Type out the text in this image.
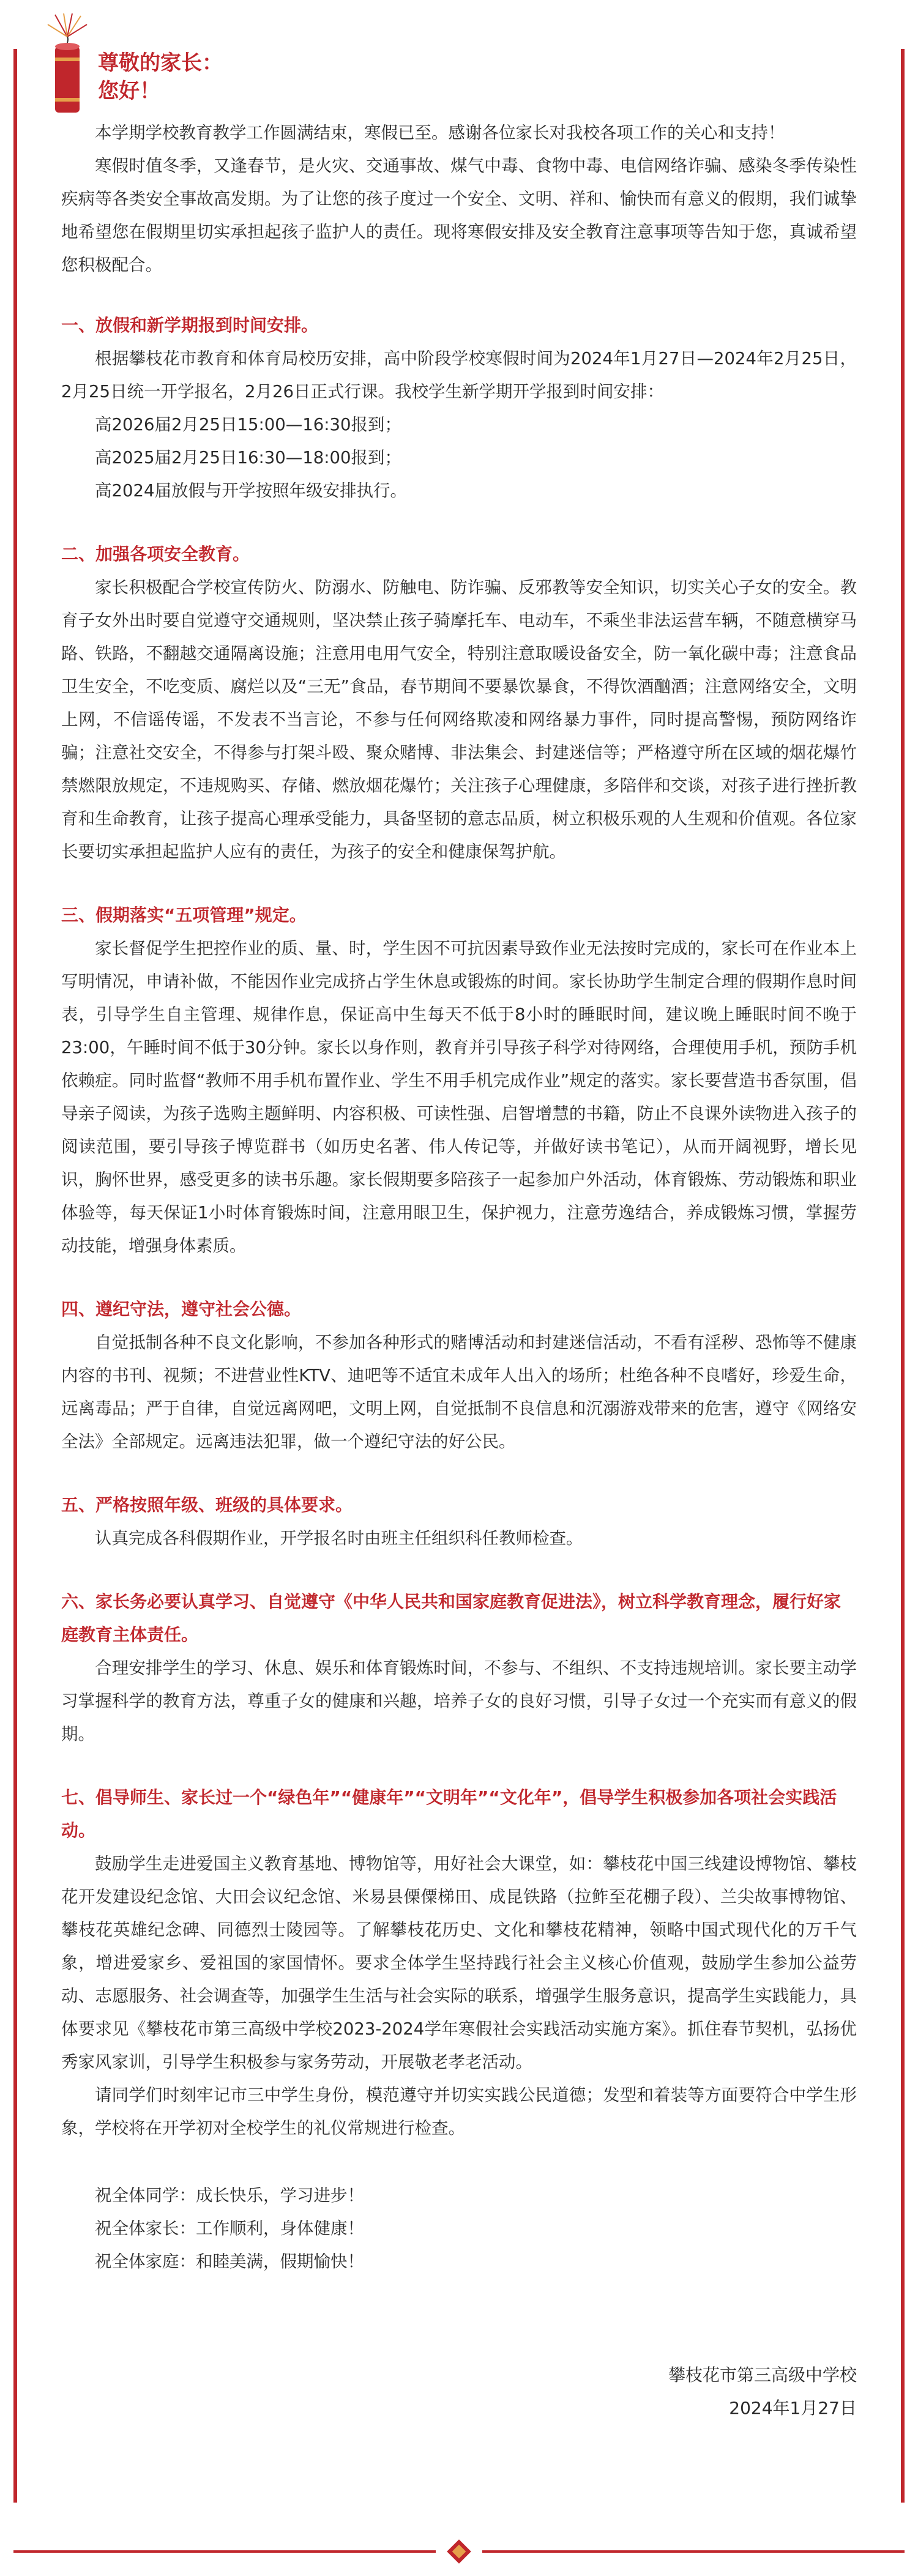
尊敬的家长：
您好！

本学期学校教育教学工作圆满结束，寒假已至。感谢各位家长对我校各项工作的关心和支持！

寒假时值冬季，又逢春节，是火灾、交通事故、煤气中毒、食物中毒、电信网络诈骗、感染冬季传染性疾病等各类安全事故高发期。为了让您的孩子度过一个安全、文明、祥和、愉快而有意义的假期，我们诚挚地希望您在假期里切实承担起孩子监护人的责任。现将寒假安排及安全教育注意事项等告知于您，真诚希望您积极配合。

一、放假和新学期报到时间安排。

根据攀枝花市教育和体育局校历安排，高中阶段学校寒假时间为2024年1月27日—2024年2月25日，2月25日统一开学报名，2月26日正式行课。我校学生新学期开学报到时间安排：

高2026届2月25日15:00—16:30报到；
高2025届2月25日16:30—18:00报到；
高2024届放假与开学按照年级安排执行。
二、加强各项安全教育。

家长积极配合学校宣传防火、防溺水、防触电、防诈骗、反邪教等安全知识，切实关心子女的安全。教育子女外出时要自觉遵守交通规则，坚决禁止孩子骑摩托车、电动车，不乘坐非法运营车辆，不随意横穿马路、铁路，不翻越交通隔离设施；注意用电用气安全，特别注意取暖设备安全，防一氧化碳中毒；注意食品卫生安全，不吃变质、腐烂以及“三无”食品，春节期间不要暴饮暴食，不得饮酒酗酒；注意网络安全，文明上网，不信谣传谣，不发表不当言论，不参与任何网络欺凌和网络暴力事件，同时提高警惕，预防网络诈骗；注意社交安全，不得参与打架斗殴、聚众赌博、非法集会、封建迷信等；严格遵守所在区域的烟花爆竹禁燃限放规定，不违规购买、存储、燃放烟花爆竹；关注孩子心理健康，多陪伴和交谈，对孩子进行挫折教育和生命教育，让孩子提高心理承受能力，具备坚韧的意志品质，树立积极乐观的人生观和价值观。各位家长要切实承担起监护人应有的责任，为孩子的安全和健康保驾护航。

三、假期落实“五项管理”规定。

家长督促学生把控作业的质、量、时，学生因不可抗因素导致作业无法按时完成的，家长可在作业本上写明情况，申请补做，不能因作业完成挤占学生休息或锻炼的时间。家长协助学生制定合理的假期作息时间表，引导学生自主管理、规律作息，保证高中生每天不低于8小时的睡眠时间，建议晚上睡眠时间不晚于23:00，午睡时间不低于30分钟。家长以身作则，教育并引导孩子科学对待网络，合理使用手机，预防手机依赖症。同时监督“教师不用手机布置作业、学生不用手机完成作业”规定的落实。家长要营造书香氛围，倡导亲子阅读，为孩子选购主题鲜明、内容积极、可读性强、启智增慧的书籍，防止不良课外读物进入孩子的阅读范围，要引导孩子博览群书（如历史名著、伟人传记等，并做好读书笔记），从而开阔视野，增长见识，胸怀世界，感受更多的读书乐趣。家长假期要多陪孩子一起参加户外活动，体育锻炼、劳动锻炼和职业体验等，每天保证1小时体育锻炼时间，注意用眼卫生，保护视力，注意劳逸结合，养成锻炼习惯，掌握劳动技能，增强身体素质。

四、遵纪守法，遵守社会公德。

自觉抵制各种不良文化影响，不参加各种形式的赌博活动和封建迷信活动，不看有淫秽、恐怖等不健康内容的书刊、视频；不进营业性KTV、迪吧等不适宜未成年人出入的场所；杜绝各种不良嗜好，珍爱生命，远离毒品；严于自律，自觉远离网吧，文明上网，自觉抵制不良信息和沉溺游戏带来的危害，遵守《网络安全法》全部规定。远离违法犯罪，做一个遵纪守法的好公民。

五、严格按照年级、班级的具体要求。

认真完成各科假期作业，开学报名时由班主任组织科任教师检查。

六、家长务必要认真学习、自觉遵守《中华人民共和国家庭教育促进法》，树立科学教育理念，履行好家庭教育主体责任。

合理安排学生的学习、休息、娱乐和体育锻炼时间，不参与、不组织、不支持违规培训。家长要主动学习掌握科学的教育方法，尊重子女的健康和兴趣，培养子女的良好习惯，引导子女过一个充实而有意义的假期。

七、倡导师生、家长过一个“绿色年”“健康年”“文明年”“文化年”，倡导学生积极参加各项社会实践活动。

鼓励学生走进爱国主义教育基地、博物馆等，用好社会大课堂，如：攀枝花中国三线建设博物馆、攀枝花开发建设纪念馆、大田会议纪念馆、米易县傈僳梯田、成昆铁路（拉鲊至花棚子段）、兰尖故事博物馆、攀枝花英雄纪念碑、同德烈士陵园等。了解攀枝花历史、文化和攀枝花精神，领略中国式现代化的万千气象，增进爱家乡、爱祖国的家国情怀。要求全体学生坚持践行社会主义核心价值观，鼓励学生参加公益劳动、志愿服务、社会调查等，加强学生生活与社会实际的联系，增强学生服务意识，提高学生实践能力，具体要求见《攀枝花市第三高级中学校2023-2024学年寒假社会实践活动实施方案》。抓住春节契机，弘扬优秀家风家训，引导学生积极参与家务劳动，开展敬老孝老活动。

请同学们时刻牢记市三中学生身份，模范遵守并切实实践公民道德；发型和着装等方面要符合中学生形象，学校将在开学初对全校学生的礼仪常规进行检查。

祝全体同学：成长快乐，学习进步！
祝全体家长：工作顺利，身体健康！
祝全体家庭：和睦美满，假期愉快！
攀枝花市第三高级中学校
2024年1月27日
